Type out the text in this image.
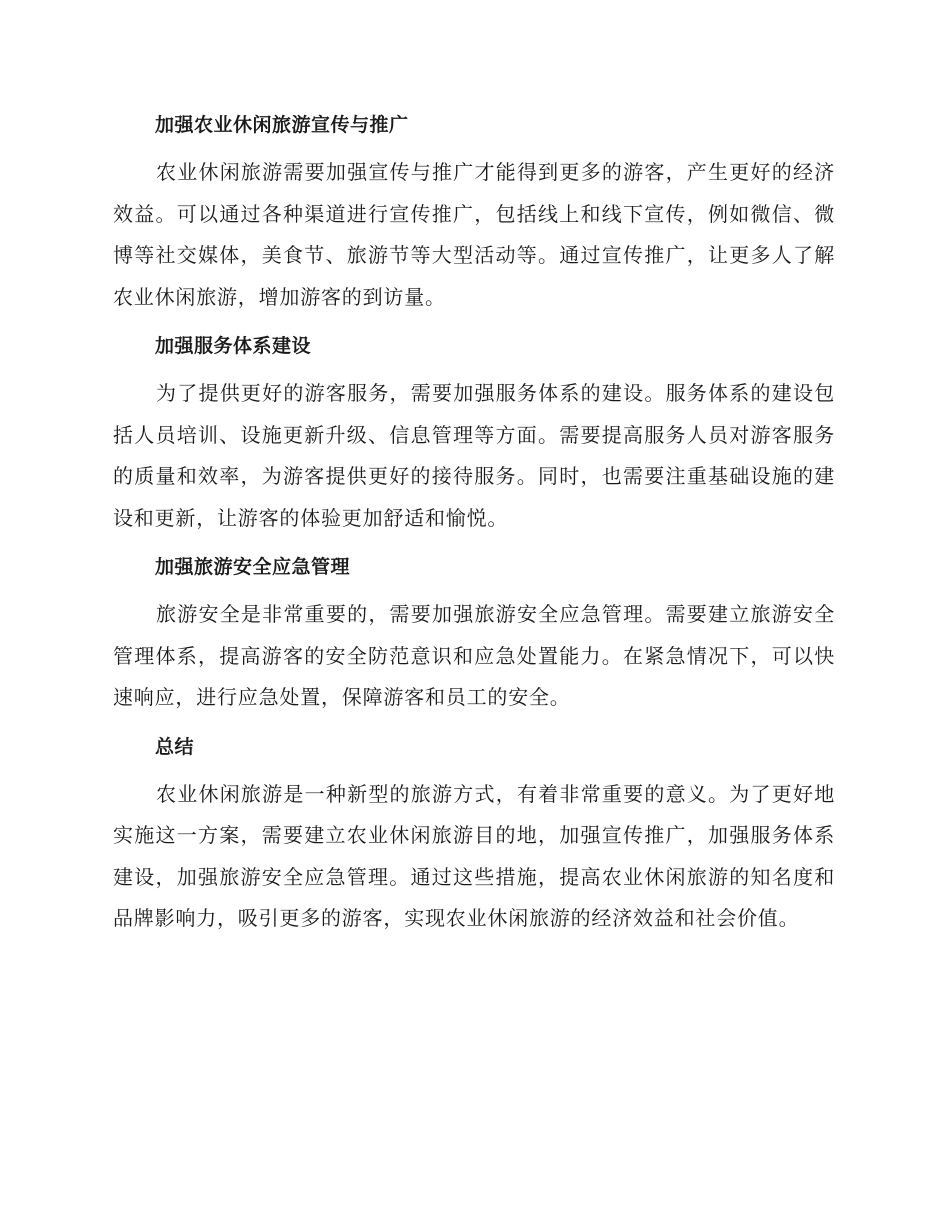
加强农业休闲旅游宣传与推广

农业休闲旅游需要加强宣传与推广才能得到更多的游客，产生更好的经济效益。可以通过各种渠道进行宣传推广，包括线上和线下宣传，例如微信、微博等社交媒体，美食节、旅游节等大型活动等。通过宣传推广，让更多人了解农业休闲旅游，增加游客的到访量。

加强服务体系建设

为了提供更好的游客服务，需要加强服务体系的建设。服务体系的建设包括人员培训、设施更新升级、信息管理等方面。需要提高服务人员对游客服务的质量和效率，为游客提供更好的接待服务。同时，也需要注重基础设施的建设和更新，让游客的体验更加舒适和愉悦。

加强旅游安全应急管理

旅游安全是非常重要的，需要加强旅游安全应急管理。需要建立旅游安全管理体系，提高游客的安全防范意识和应急处置能力。在紧急情况下，可以快速响应，进行应急处置，保障游客和员工的安全。

总结

农业休闲旅游是一种新型的旅游方式，有着非常重要的意义。为了更好地实施这一方案，需要建立农业休闲旅游目的地，加强宣传推广，加强服务体系建设，加强旅游安全应急管理。通过这些措施，提高农业休闲旅游的知名度和品牌影响力，吸引更多的游客，实现农业休闲旅游的经济效益和社会价值。
